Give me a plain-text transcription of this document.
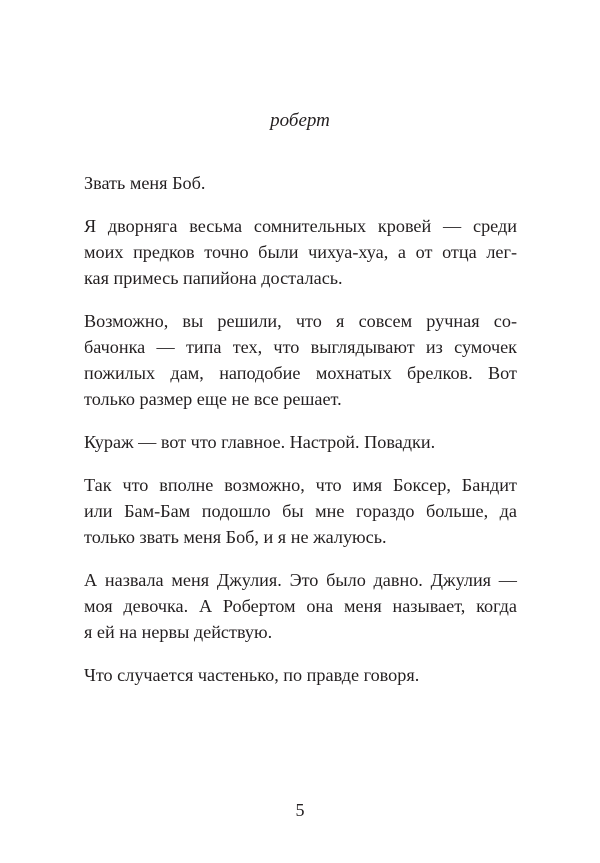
роберт

Звать меня Боб.

Я дворняга весьма сомнительных кровей — среди
моих предков точно были чихуа-хуа, а от отца лег-
кая примесь папийона досталась.

Возможно, вы решили, что я совсем ручная со-
бачонка — типа тех, что выглядывают из сумочек
пожилых дам, наподобие мохнатых брелков. Вот
только размер еще не все решает.

Кураж — вот что главное. Настрой. Повадки.

Так что вполне возможно, что имя Боксер, Бандит
или Бам-Бам подошло бы мне гораздо больше, да
только звать меня Боб, и я не жалуюсь.

А назвала меня Джулия. Это было давно. Джулия —
моя девочка. А Робертом она меня называет, когда
я ей на нервы действую.

Что случается частенько, по правде говоря.

5
